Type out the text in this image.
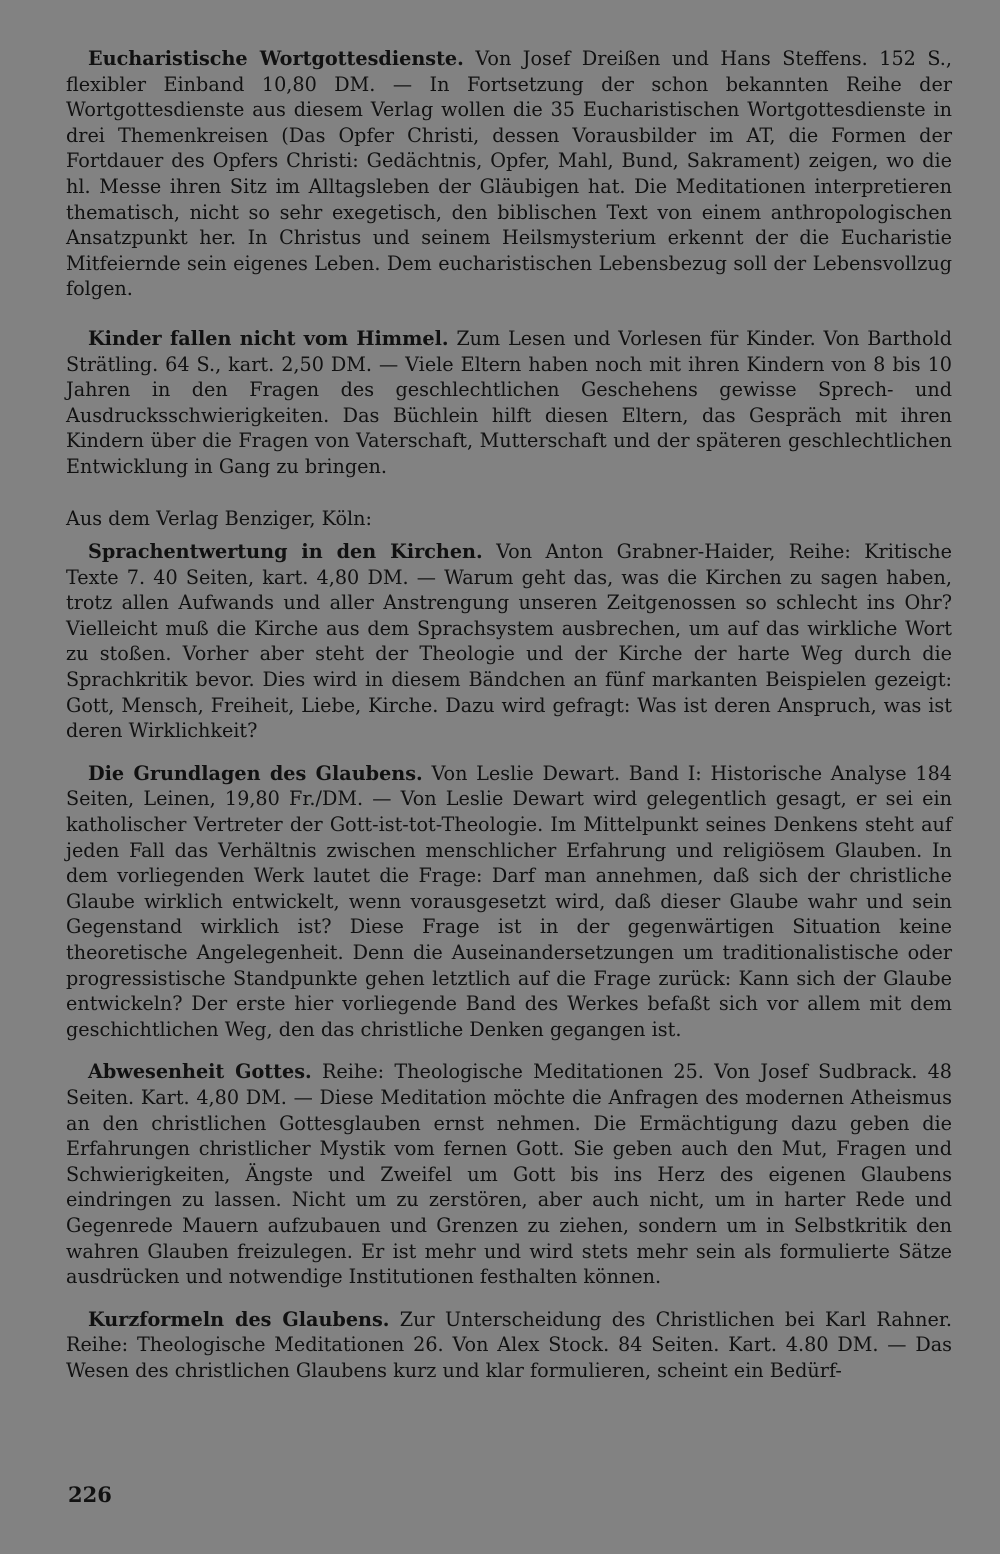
Eucharistische Wortgottesdienste. Von Josef Dreißen und Hans Steffens. 152 S., flexibler Einband 10,80 DM. — In Fortsetzung der schon bekannten Reihe der Wortgottesdienste aus diesem Verlag wollen die 35 Eucharistischen Wortgottesdienste in drei Themenkreisen (Das Opfer Christi, dessen Vorausbilder im AT, die Formen der Fortdauer des Opfers Christi: Gedächtnis, Opfer, Mahl, Bund, Sakrament) zeigen, wo die hl. Messe ihren Sitz im Alltagsleben der Gläubigen hat. Die Meditationen interpretieren thematisch, nicht so sehr exegetisch, den biblischen Text von einem anthropologischen Ansatzpunkt her. In Christus und seinem Heilsmysterium erkennt der die Eucharistie Mitfeiernde sein eigenes Leben. Dem eucharistischen Lebensbezug soll der Lebensvollzug folgen.

Kinder fallen nicht vom Himmel. Zum Lesen und Vorlesen für Kinder. Von Barthold Strätling. 64 S., kart. 2,50 DM. — Viele Eltern haben noch mit ihren Kindern von 8 bis 10 Jahren in den Fragen des geschlechtlichen Geschehens gewisse Sprech- und Ausdrucksschwierigkeiten. Das Büchlein hilft diesen Eltern, das Gespräch mit ihren Kindern über die Fragen von Vaterschaft, Mutterschaft und der späteren geschlechtlichen Entwicklung in Gang zu bringen.

Aus dem Verlag Benziger, Köln:

Sprachentwertung in den Kirchen. Von Anton Grabner-Haider, Reihe: Kritische Texte 7. 40 Seiten, kart. 4,80 DM. — Warum geht das, was die Kirchen zu sagen haben, trotz allen Aufwands und aller Anstrengung unseren Zeitgenossen so schlecht ins Ohr? Vielleicht muß die Kirche aus dem Sprachsystem ausbrechen, um auf das wirkliche Wort zu stoßen. Vorher aber steht der Theologie und der Kirche der harte Weg durch die Sprachkritik bevor. Dies wird in diesem Bändchen an fünf markanten Beispielen gezeigt: Gott, Mensch, Freiheit, Liebe, Kirche. Dazu wird gefragt: Was ist deren Anspruch, was ist deren Wirklichkeit?

Die Grundlagen des Glaubens. Von Leslie Dewart. Band I: Historische Analyse 184 Seiten, Leinen, 19,80 Fr./DM. — Von Leslie Dewart wird gelegentlich gesagt, er sei ein katholischer Vertreter der Gott-ist-tot-Theologie. Im Mittelpunkt seines Denkens steht auf jeden Fall das Verhältnis zwischen menschlicher Erfahrung und religiösem Glauben. In dem vorliegenden Werk lautet die Frage: Darf man annehmen, daß sich der christliche Glaube wirklich entwickelt, wenn vorausgesetzt wird, daß dieser Glaube wahr und sein Gegenstand wirklich ist? Diese Frage ist in der gegenwärtigen Situation keine theoretische Angelegenheit. Denn die Auseinandersetzungen um traditionalistische oder progressistische Standpunkte gehen letztlich auf die Frage zurück: Kann sich der Glaube entwickeln? Der erste hier vorliegende Band des Werkes befaßt sich vor allem mit dem geschichtlichen Weg, den das christliche Denken gegangen ist.

Abwesenheit Gottes. Reihe: Theologische Meditationen 25. Von Josef Sudbrack. 48 Seiten. Kart. 4,80 DM. — Diese Meditation möchte die Anfragen des modernen Atheismus an den christlichen Gottesglauben ernst nehmen. Die Ermächtigung dazu geben die Erfahrungen christlicher Mystik vom fernen Gott. Sie geben auch den Mut, Fragen und Schwierigkeiten, Ängste und Zweifel um Gott bis ins Herz des eigenen Glaubens eindringen zu lassen. Nicht um zu zerstören, aber auch nicht, um in harter Rede und Gegenrede Mauern aufzubauen und Grenzen zu ziehen, sondern um in Selbstkritik den wahren Glauben freizulegen. Er ist mehr und wird stets mehr sein als formulierte Sätze ausdrücken und notwendige Institutionen festhalten können.

Kurzformeln des Glaubens. Zur Unterscheidung des Christlichen bei Karl Rahner. Reihe: Theologische Meditationen 26. Von Alex Stock. 84 Seiten. Kart. 4.80 DM. — Das Wesen des christlichen Glaubens kurz und klar formulieren, scheint ein Bedürf-

226
